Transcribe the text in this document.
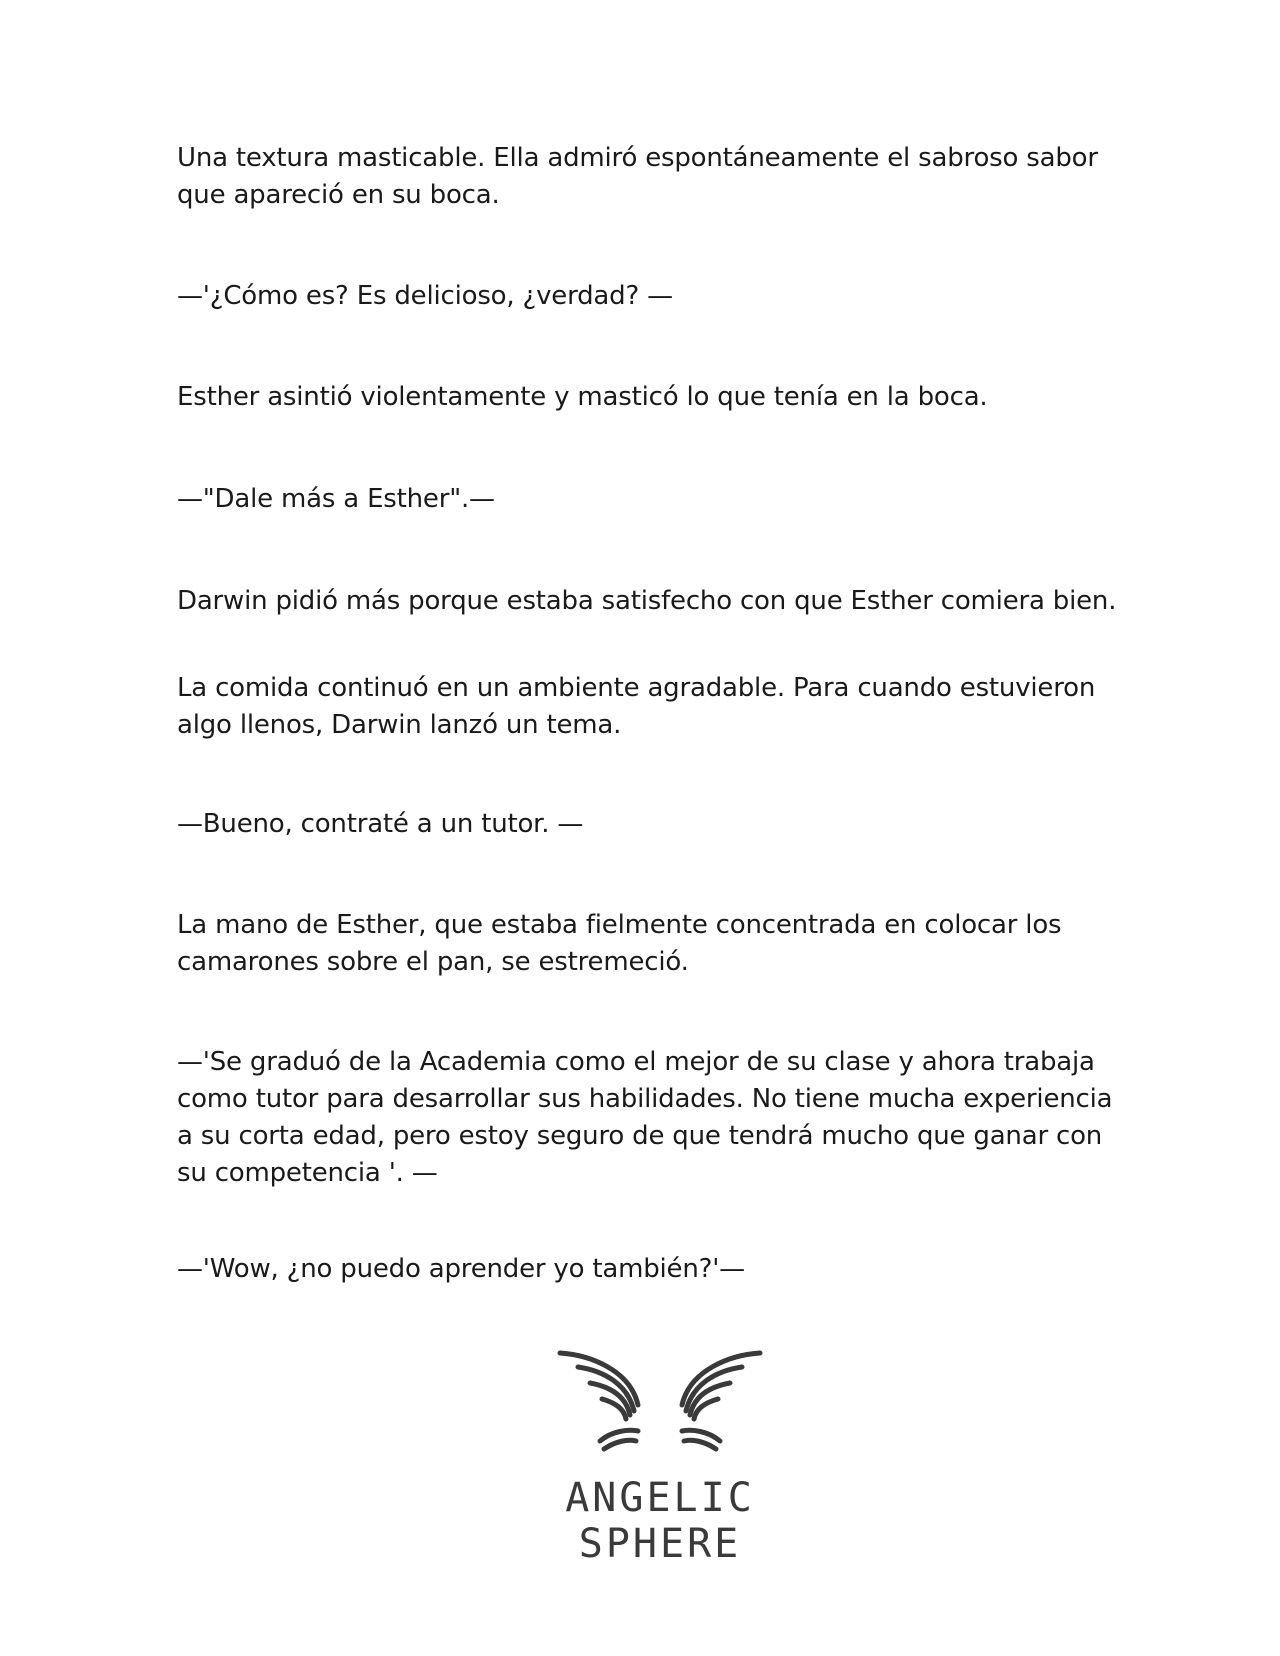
Una textura masticable. Ella admiró espontáneamente el sabroso sabor que apareció en su boca.

—'¿Cómo es? Es delicioso, ¿verdad? —

Esther asintió violentamente y masticó lo que tenía en la boca.

—"Dale más a Esther".—

Darwin pidió más porque estaba satisfecho con que Esther comiera bien.

La comida continuó en un ambiente agradable. Para cuando estuvieron algo llenos, Darwin lanzó un tema.

—Bueno, contraté a un tutor. —

La mano de Esther, que estaba fielmente concentrada en colocar los camarones sobre el pan, se estremeció.

—'Se graduó de la Academia como el mejor de su clase y ahora trabaja como tutor para desarrollar sus habilidades. No tiene mucha experiencia a su corta edad, pero estoy seguro de que tendrá mucho que ganar con su competencia '. —

—'Wow, ¿no puedo aprender yo también?'—

ANGELIC SPHERE
